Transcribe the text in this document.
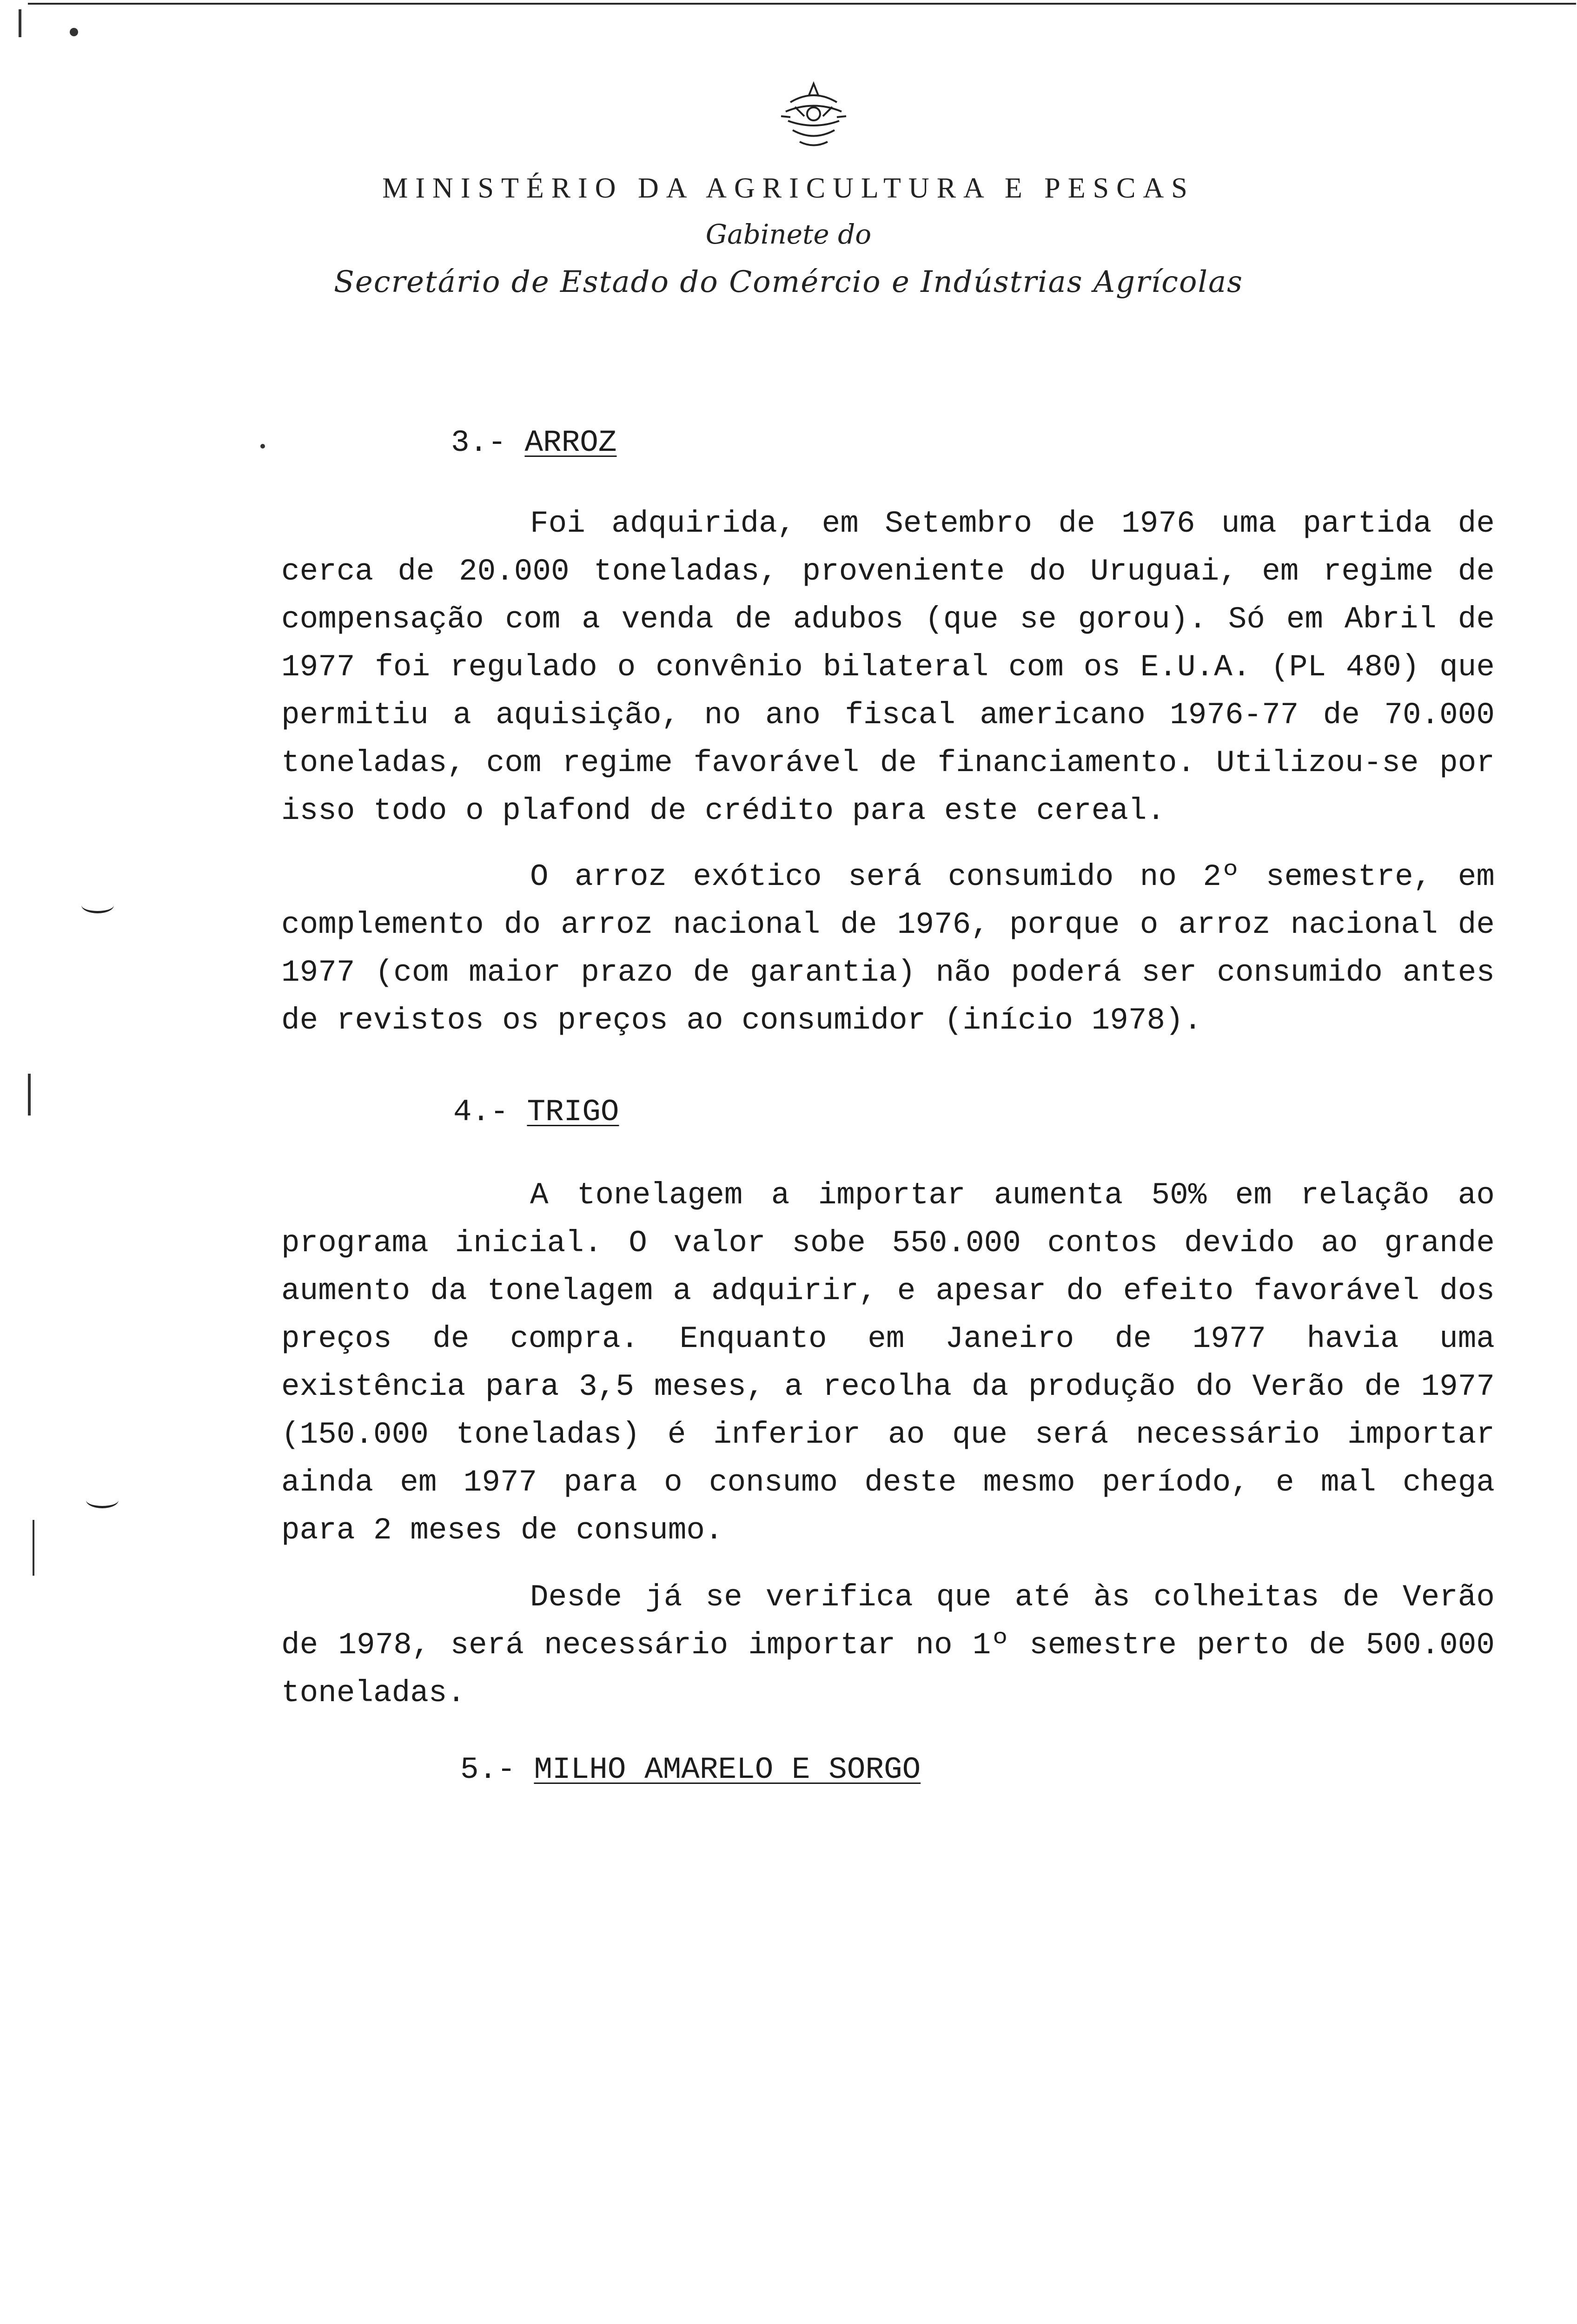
MINISTÉRIO DA AGRICULTURA E PESCAS
Gabinete do
Secretário de Estado do Comércio e Indústrias Agrícolas
3.- ARROZ

Foi adquirida, em Setembro de 1976 uma partida de cerca de 20.000 toneladas, proveniente do Uruguai, em regime de compensação com a venda de adubos (que se gorou). Só em Abril de 1977 foi regulado o convênio bilateral com os E.U.A. (PL 480) que permitiu a aquisição, no ano fiscal americano 1976-77 de 70.000 toneladas, com regime favorável de financiamento. Utilizou-se por isso todo o plafond de crédito para este cereal.

O arroz exótico será consumido no 2º semestre, em complemento do arroz nacional de 1976, porque o arroz nacional de 1977 (com maior prazo de garantia) não poderá ser consumido antes de revistos os preços ao consumidor (início 1978).

4.- TRIGO

A tonelagem a importar aumenta 50% em relação ao programa inicial. O valor sobe 550.000 contos devido ao grande aumento da tonelagem a adquirir, e apesar do efeito favorável dos preços de compra. Enquanto em Janeiro de 1977 havia uma existência para 3,5 meses, a recolha da produção do Verão de 1977 (150.000 toneladas) é inferior ao que será necessário importar ainda em 1977 para o consumo deste mesmo período, e mal chega para 2 meses de consumo.

Desde já se verifica que até às colheitas de Verão de 1978, será necessário importar no 1º semestre perto de 500.000 toneladas.

5.- MILHO AMARELO E SORGO
